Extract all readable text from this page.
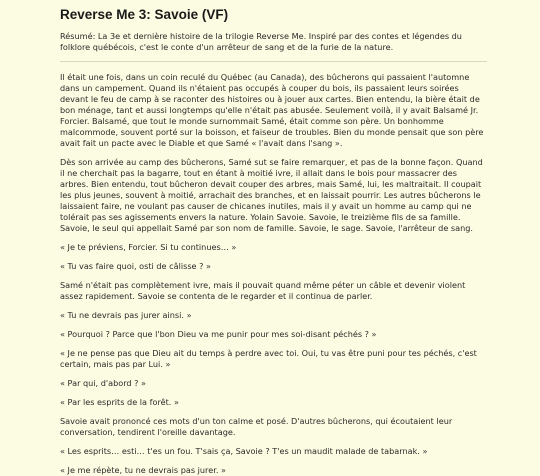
Reverse Me 3: Savoie (VF)

Résumé: La 3e et dernière histoire de la trilogie Reverse Me. Inspiré par des contes et légendes du folklore québécois, c'est le conte d'un arrêteur de sang et de la furie de la nature.

Il était une fois, dans un coin reculé du Québec (au Canada), des bûcherons qui passaient l'automne dans un campement. Quand ils n'étaient pas occupés à couper du bois, ils passaient leurs soirées devant le feu de camp à se raconter des histoires ou à jouer aux cartes. Bien entendu, la bière était de bon ménage, tant et aussi longtemps qu'elle n'était pas abusée. Seulement voilà, il y avait Balsamé Jr. Forcier. Balsamé, que tout le monde surnommait Samé, était comme son père. Un bonhomme malcommode, souvent porté sur la boisson, et faiseur de troubles. Bien du monde pensait que son père avait fait un pacte avec le Diable et que Samé « l'avait dans l'sang ».

Dès son arrivée au camp des bûcherons, Samé sut se faire remarquer, et pas de la bonne façon. Quand il ne cherchait pas la bagarre, tout en étant à moitié ivre, il allait dans le bois pour massacrer des arbres. Bien entendu, tout bûcheron devait couper des arbres, mais Samé, lui, les maltraitait. Il coupait les plus jeunes, souvent à moitié, arrachait des branches, et en laissait pourrir. Les autres bûcherons le laissaient faire, ne voulant pas causer de chicanes inutiles, mais il y avait un homme au camp qui ne tolérait pas ses agissements envers la nature. Yolain Savoie. Savoie, le treizième fils de sa famille. Savoie, le seul qui appellait Samé par son nom de famille. Savoie, le sage. Savoie, l'arrêteur de sang.

« Je te préviens, Forcier. Si tu continues… »

« Tu vas faire quoi, osti de câlisse ? »

Samé n'était pas complètement ivre, mais il pouvait quand même péter un câble et devenir violent assez rapidement. Savoie se contenta de le regarder et il continua de parler.

« Tu ne devrais pas jurer ainsi. »

« Pourquoi ? Parce que l'bon Dieu va me punir pour mes soi-disant péchés ? »

« Je ne pense pas que Dieu ait du temps à perdre avec toi. Oui, tu vas être puni pour tes péchés, c'est certain, mais pas par Lui. »

« Par qui, d'abord ? »

« Par les esprits de la forêt. »

Savoie avait prononcé ces mots d'un ton calme et posé. D'autres bûcherons, qui écoutaient leur conversation, tendirent l'oreille davantage.

« Les esprits… esti… t'es un fou. T'sais ça, Savoie ? T'es un maudit malade de tabarnak. »

« Je me répète, tu ne devrais pas jurer. »
